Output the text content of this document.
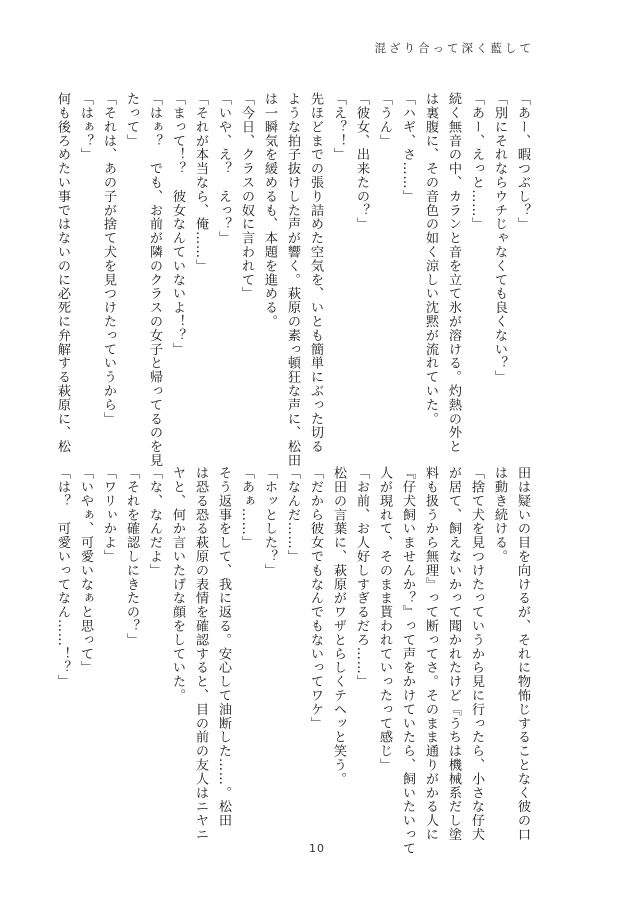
混ざり合って深く藍して
「あー、暇つぶし？」
「別にそれならウチじゃなくても良くない？」
「あー、えっと……」
続く無音の中、カランと音を立て氷が溶ける。灼熱の外と
は裏腹に、その音色の如く涼しい沈黙が流れていた。
「ハギ、さ……」
「うん」
「彼女、出来たの？」
「え？！」
先ほどまでの張り詰めた空気を、いとも簡単にぶった切る
ような拍子抜けした声が響く。萩原の素っ頓狂な声に、松田
は一瞬気を緩めるも、本題を進める。
「今日、クラスの奴に言われて」
「いや、え？　えっ？」
「それが本当なら、俺……」
「まって！？　彼女なんていないよ！？」
「はぁ？　でも、お前が隣のクラスの女子と帰ってるのを見
たって」
「それは、あの子が捨て犬を見つけたっていうから」
「はぁ？」
何も後ろめたい事ではないのに必死に弁解する萩原に、松
田は疑いの目を向けるが、それに物怖じすることなく彼の口
は動き続ける。
「捨て犬を見つけたっていうから見に行ったら、小さな仔犬
が居て、飼えないかって聞かれたけど『うちは機械系だし塗
料も扱うから無理』って断ってさ。そのまま通りがかる人に
『仔犬飼いませんか？』って声をかけていたら、飼いたいって
人が現れて、そのまま貰われていったって感じ」
「お前、お人好しすぎるだろ……」
松田の言葉に、萩原がワザとらしくテヘッと笑う。
「だから彼女でもなんでもないってワケ」
「なんだ……」
「ホッとした？」
「あぁ……」
そう返事をして、我に返る。安心して油断した……。松田
は恐る恐る萩原の表情を確認すると、目の前の友人はニヤニ
ヤと、何か言いたげな顔をしていた。
「な、なんだよ」
「それを確認しにきたの？」
「ワリぃかよ」
「いやぁ、可愛いなぁと思って」
「は？　可愛いってなん……！？」
10
